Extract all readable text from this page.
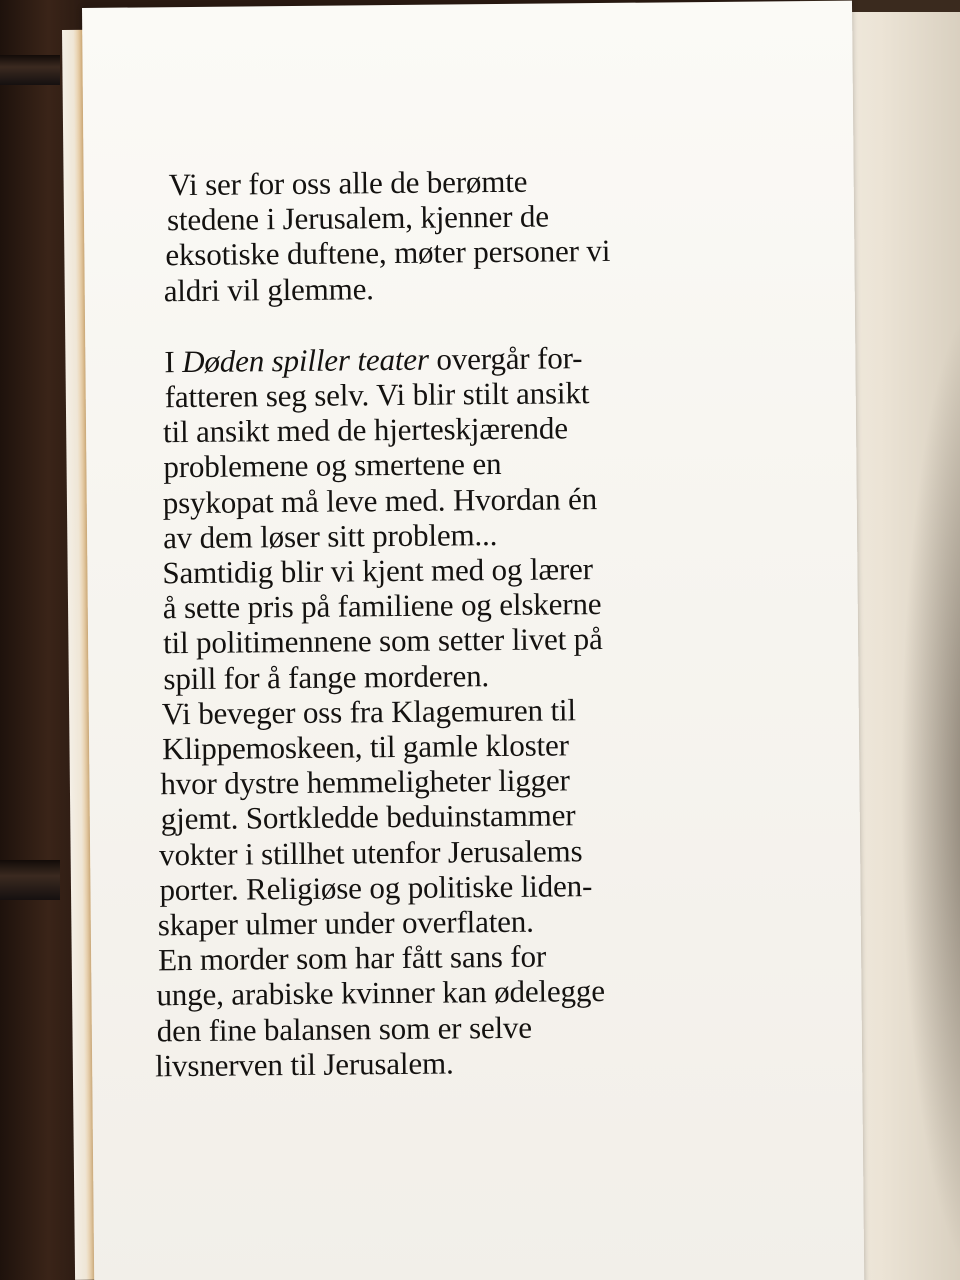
Vi ser for oss alle de berømte
stedene i Jerusalem, kjenner de
eksotiske duftene, møter personer vi
aldri vil glemme.

I Døden spiller teater overgår for-
fatteren seg selv. Vi blir stilt ansikt
til ansikt med de hjerteskjærende
problemene og smertene en
psykopat må leve med. Hvordan én
av dem løser sitt problem...
Samtidig blir vi kjent med og lærer
å sette pris på familiene og elskerne
til politimennene som setter livet på
spill for å fange morderen.
Vi beveger oss fra Klagemuren til
Klippemoskeen, til gamle kloster
hvor dystre hemmeligheter ligger
gjemt. Sortkledde beduinstammer
vokter i stillhet utenfor Jerusalems
porter. Religiøse og politiske liden-
skaper ulmer under overflaten.
En morder som har fått sans for
unge, arabiske kvinner kan ødelegge
den fine balansen som er selve
livsnerven til Jerusalem.
